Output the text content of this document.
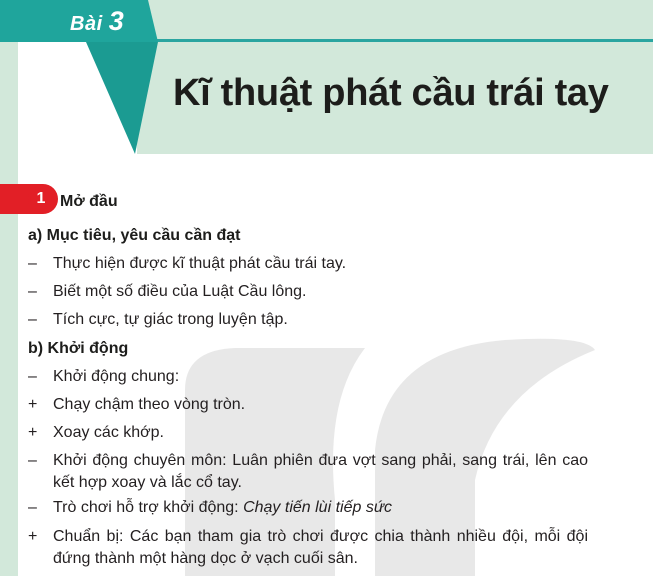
Bài 3
Kĩ thuật phát cầu trái tay
1 Mở đầu
a) Mục tiêu, yêu cầu cần đạt
–	Thực hiện được kĩ thuật phát cầu trái tay.
–	Biết một số điều của Luật Cầu lông.
–	Tích cực, tự giác trong luyện tập.
b) Khởi động
–	Khởi động chung:
+ Chạy chậm theo vòng tròn.
+ Xoay các khớp.
–	Khởi động chuyên môn: Luân phiên đưa vợt sang phải, sang trái, lên cao kết hợp xoay và lắc cổ tay.
–	Trò chơi hỗ trợ khởi động: Chạy tiến lùi tiếp sức
+ Chuẩn bị: Các bạn tham gia trò chơi được chia thành nhiều đội, mỗi đội đứng thành một hàng dọc ở vạch cuối sân.
